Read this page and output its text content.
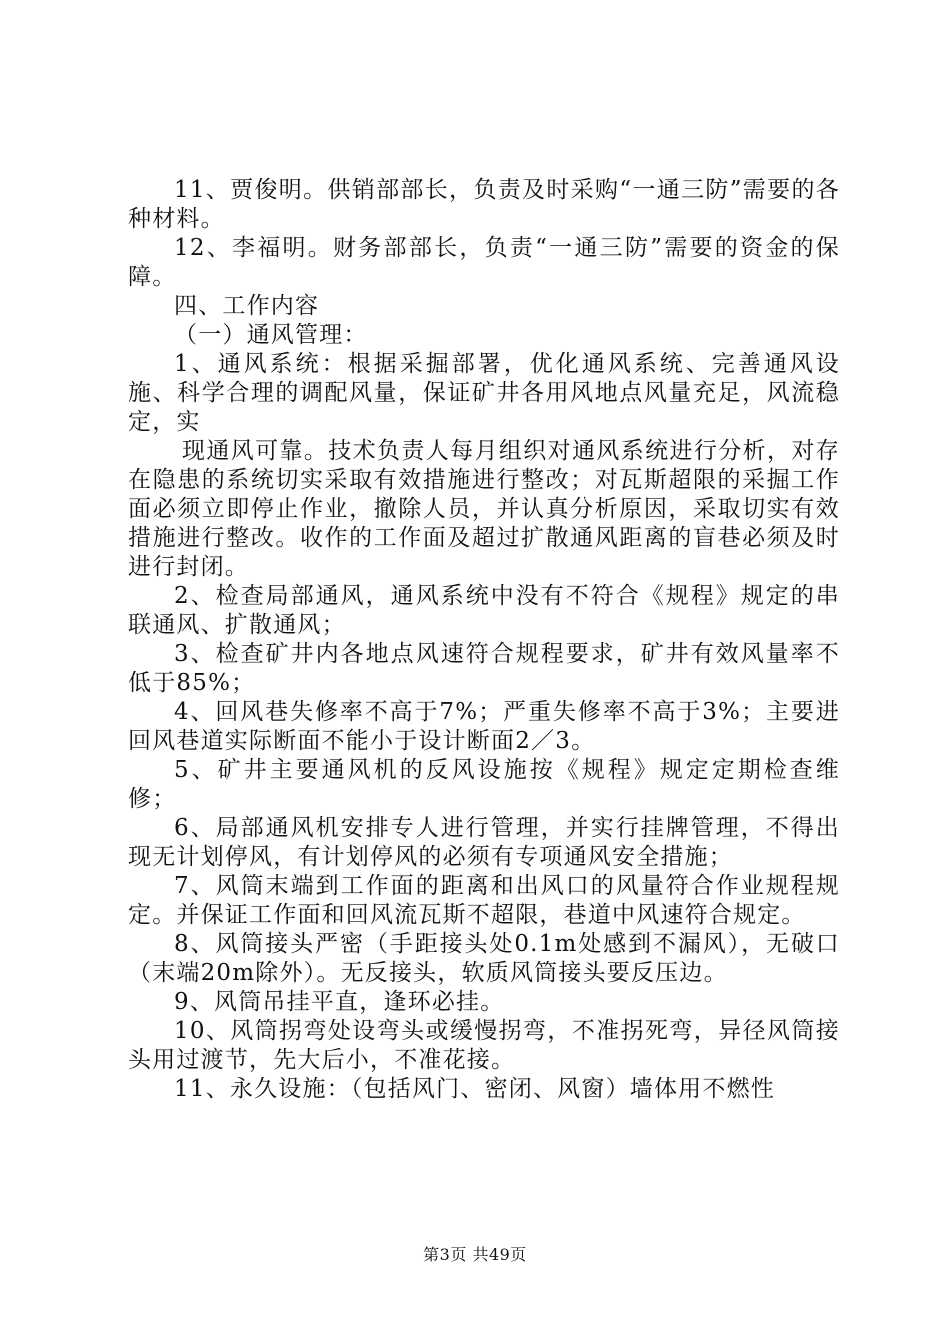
11、贾俊明。供销部部长，负责及时采购“一通三防”需要的各种材料。

12、李福明。财务部部长，负责“一通三防”需要的资金的保障。

四、工作内容

（一）通风管理：

1、通风系统：根据采掘部署，优化通风系统、完善通风设施、科学合理的调配风量，保证矿井各用风地点风量充足，风流稳定，实

现通风可靠。技术负责人每月组织对通风系统进行分析，对存在隐患的系统切实采取有效措施进行整改；对瓦斯超限的采掘工作面必须立即停止作业，撤除人员，并认真分析原因，采取切实有效措施进行整改。收作的工作面及超过扩散通风距离的盲巷必须及时进行封闭。

2、检查局部通风，通风系统中没有不符合《规程》规定的串联通风、扩散通风；

3、检查矿井内各地点风速符合规程要求，矿井有效风量率不低于85%；

4、回风巷失修率不高于7%；严重失修率不高于3%；主要进回风巷道实际断面不能小于设计断面2／3。

5、矿井主要通风机的反风设施按《规程》规定定期检查维修；

6、局部通风机安排专人进行管理，并实行挂牌管理，不得出现无计划停风，有计划停风的必须有专项通风安全措施；

7、风筒末端到工作面的距离和出风口的风量符合作业规程规定。并保证工作面和回风流瓦斯不超限，巷道中风速符合规定。

8、风筒接头严密（手距接头处0.1m处感到不漏风），无破口（末端20m除外）。无反接头，软质风筒接头要反压边。

9、风筒吊挂平直，逢环必挂。

10、风筒拐弯处设弯头或缓慢拐弯，不准拐死弯，异径风筒接头用过渡节，先大后小，不准花接。

11、永久设施：（包括风门、密闭、风窗）墙体用不燃性

第3页 共49页
